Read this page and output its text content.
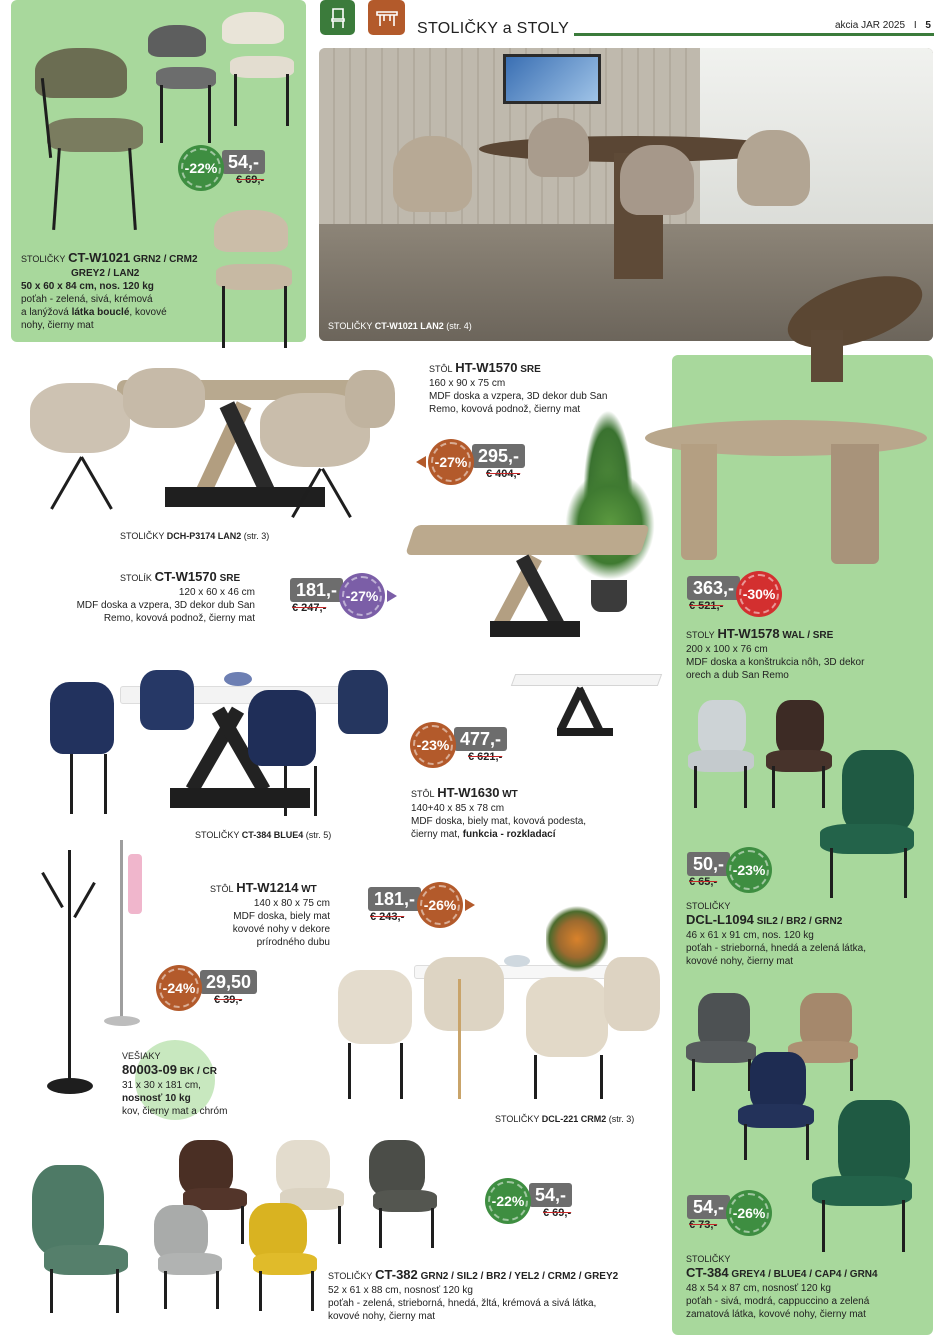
STOLIČKY a STOLY	akcia JAR 2025 I 5
-22% 54,-
€ 69,-
STOLIČKY CT-W1021 GRN2 / CRM2
GREY2 / LAN2
50 x 60 x 84 cm, nos. 120 kg
poťah - zelená, sivá, krémová
a lanýžová látka bouclé, kovové
nohy, čierny mat	STOLIČKY CT-W1021 LAN2 (str. 4)
STOLIČKY DCH-P3174 LAN2 (str. 3)
STÔL HT-W1570 SRE
160 x 90 x 75 cm
MDF doska a vzpera, 3D dekor dub San
Remo, kovová podnož, čierny mat
-27% 295,-
€ 404,-
STOLÍK CT-W1570 SRE
120 x 60 x 46 cm
MDF doska a vzpera, 3D dekor dub San
Remo, kovová podnož, čierny mat
181,-
€ 247,-
-27%	363,-
€ 521,-
-30%
STOLY HT-W1578 WAL / SRE
200 x 100 x 76 cm
MDF doska a konštrukcia nôh, 3D dekor
orech a dub San Remo
STOLIČKY CT-384 BLUE4 (str. 5)
-23% 477,-
€ 621,-
STÔL HT-W1630 WT
140+40 x 85 x 78 cm
MDF doska, biely mat, kovová podesta,
čierny mat, funkcia - rozkladací
50,-
€ 65,-
-23%
STOLIČKY
DCL-L1094 SIL2 / BR2 / GRN2
46 x 61 x 91 cm, nos. 120 kg
poťah - strieborná, hnedá a zelená látka,
kovové nohy, čierny mat
-24% 29,50
€ 39,-
VEŠIAKY
80003-09 BK / CR
31 x 30 x 181 cm,
nosnosť 10 kg
kov, čierny mat a chróm
STÔL HT-W1214 WT
140 x 80 x 75 cm
MDF doska, biely mat
kovové nohy v dekore
prírodného dubu
181,-
€ 243,-
-26%
STOLIČKY DCL-221 CRM2 (str. 3)
-22% 54,-
€ 69,-
STOLIČKY CT-382 GRN2 / SIL2 / BR2 / YEL2 / CRM2 / GREY2
52 x 61 x 88 cm, nosnosť 120 kg
poťah - zelená, strieborná, hnedá, žltá, krémová a sivá látka,
kovové nohy, čierny mat
54,-
€ 73,-
-26%
STOLIČKY
CT-384 GREY4 / BLUE4 / CAP4 / GRN4
48 x 54 x 87 cm, nosnosť 120 kg
poťah - sivá, modrá, cappuccino a zelená
zamatová látka, kovové nohy, čierny mat
